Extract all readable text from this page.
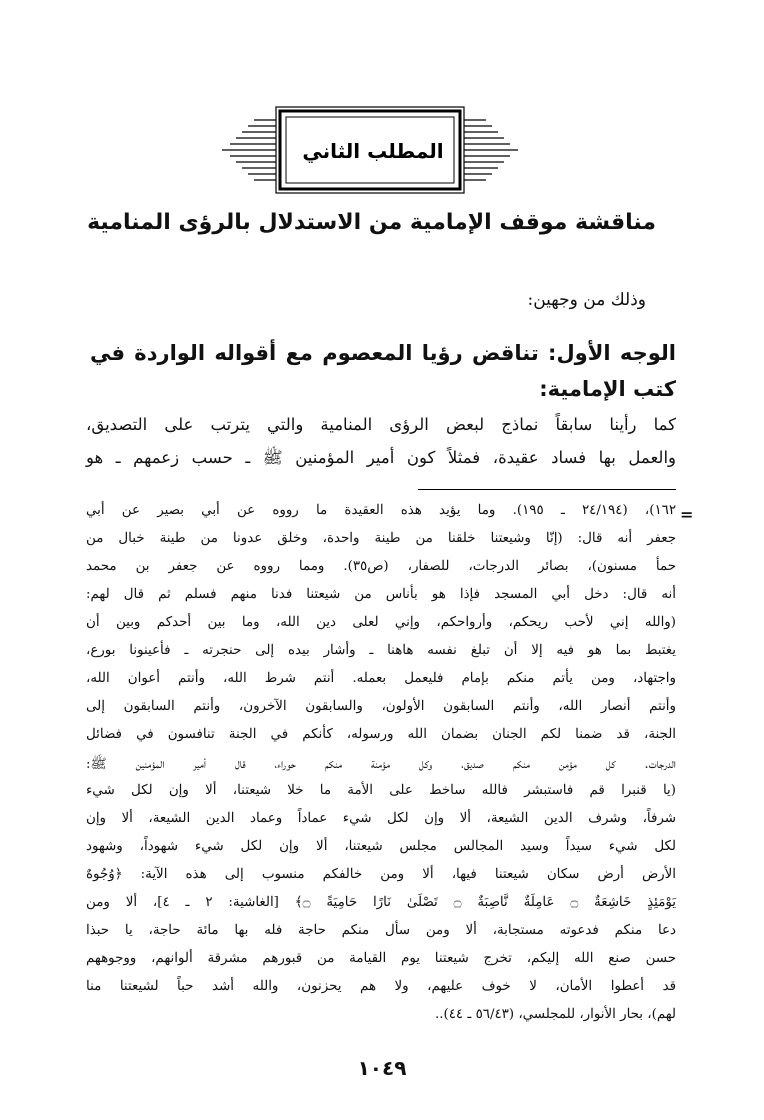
المطلب الثاني
مناقشة موقف الإمامية من الاستدلال بالرؤى المنامية
وذلك من وجهين:
الوجه الأول: تناقض رؤيا المعصوم مع أقواله الواردة في كتب الإمامية:
كما رأينا سابقاً نماذج لبعض الرؤى المنامية والتي يترتب على التصديق،
والعمل بها فساد عقيدة، فمثلاً كون أمير المؤمنين ﷺ ـ حسب زعمهم ـ هو
=
١٦٢)، (٢٤/١٩٤ ـ ١٩٥). وما يؤيد هذه العقيدة ما رووه عن أبي بصير عن أبي
جعفر أنه قال: (إنّا وشيعتنا خلقنا من طينة واحدة، وخلق عدونا من طينة خبال من
حمأ مسنون)، بصائر الدرجات، للصفار، (ص٣٥). ومما رووه عن جعفر بن محمد
أنه قال: دخل أبي المسجد فإذا هو بأناس من شيعتنا فدنا منهم فسلم ثم قال لهم:
(والله إني لأحب ريحكم، وأرواحكم، وإني لعلى دين الله، وما بين أحدكم وبين أن
يغتبط بما هو فيه إلا أن تبلغ نفسه هاهنا ـ وأشار بيده إلى حنجرته ـ فأعينونا بورع،
واجتهاد، ومن يأتم منكم بإمام فليعمل بعمله. أنتم شرط الله، وأنتم أعوان الله،
وأنتم أنصار الله، وأنتم السابقون الأولون، والسابقون الآخرون، وأنتم السابقون إلى
الجنة، قد ضمنا لكم الجنان بضمان الله ورسوله، كأنكم في الجنة تنافسون في فضائل
الدرجات. كل مؤمن منكم صديق، وكل مؤمنة منكم حوراء، قال أمير المؤمنين ﷺ:
(يا قنبرا قم فاستبشر فالله ساخط على الأمة ما خلا شيعتنا، ألا وإن لكل شيء
شرفاً، وشرف الدين الشيعة، ألا وإن لكل شيء عماداً وعماد الدين الشيعة، ألا وإن
لكل شيء سيداً وسيد المجالس مجلس شيعتنا، ألا وإن لكل شيء شهوداً، وشهود
الأرض أرض سكان شيعتنا فيها، ألا ومن خالفكم منسوب إلى هذه الآية: ﴿وُجُوهٌ
يَوْمَئِذٍ خَاشِعَةٌ ۝ عَامِلَةٌ نَّاصِبَةٌ ۝ تَصْلَىٰ نَارًا حَامِيَةً ۝﴾ [الغاشية: ٢ ـ ٤]، ألا ومن
دعا منكم فدعوته مستجابة، ألا ومن سأل منكم حاجة فله بها مائة حاجة، يا حبذا
حسن صنع الله إليكم، تخرج شيعتنا يوم القيامة من قبورهم مشرقة ألوانهم، ووجوههم
قد أعطوا الأمان، لا خوف عليهم، ولا هم يحزنون، والله أشد حباً لشيعتنا منا
لهم)، بحار الأنوار، للمجلسي، (٥٦/٤٣ ـ ٤٤)..
١٠٤٩
